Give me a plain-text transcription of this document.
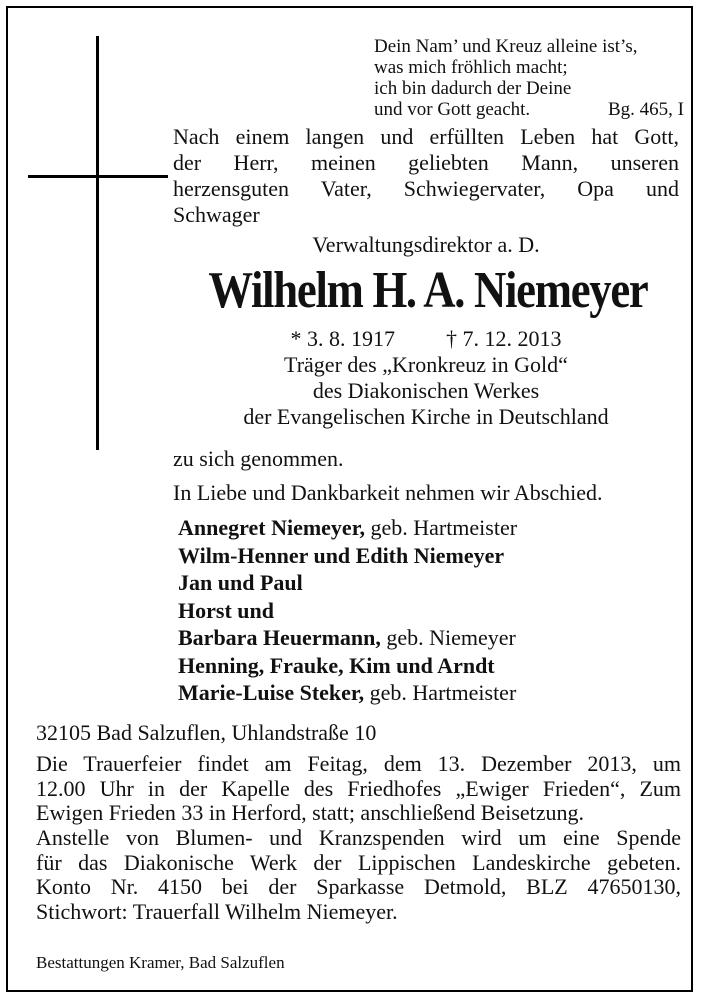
Dein Nam’ und Kreuz alleine ist’s,
was mich fröhlich macht;
ich bin dadurch der Deine
und vor Gott geacht.	Bg. 465, I
Nach einem langen und erfüllten Leben hat Gott,
der Herr, meinen geliebten Mann, unseren
herzensguten Vater, Schwiegervater, Opa und
Schwager
Verwaltungsdirektor a. D.
Wilhelm H. A. Niemeyer
* 3. 8. 1917 † 7. 12. 2013
Träger des „Kronkreuz in Gold“
des Diakonischen Werkes
der Evangelischen Kirche in Deutschland
zu sich genommen.
In Liebe und Dankbarkeit nehmen wir Abschied.
Annegret Niemeyer, geb. Hartmeister
Wilm-Henner und Edith Niemeyer
Jan und Paul
Horst und
Barbara Heuermann, geb. Niemeyer
Henning, Frauke, Kim und Arndt
Marie-Luise Steker, geb. Hartmeister
32105 Bad Salzuflen, Uhlandstraße 10
Die Trauerfeier findet am Feitag, dem 13. Dezember 2013, um
12.00 Uhr in der Kapelle des Friedhofes „Ewiger Frieden“, Zum
Ewigen Frieden 33 in Herford, statt; anschließend Beisetzung.
Anstelle von Blumen- und Kranzspenden wird um eine Spende
für das Diakonische Werk der Lippischen Landeskirche gebeten.
Konto Nr. 4150 bei der Sparkasse Detmold, BLZ 47650130,
Stichwort: Trauerfall Wilhelm Niemeyer.
Bestattungen Kramer, Bad Salzuflen
